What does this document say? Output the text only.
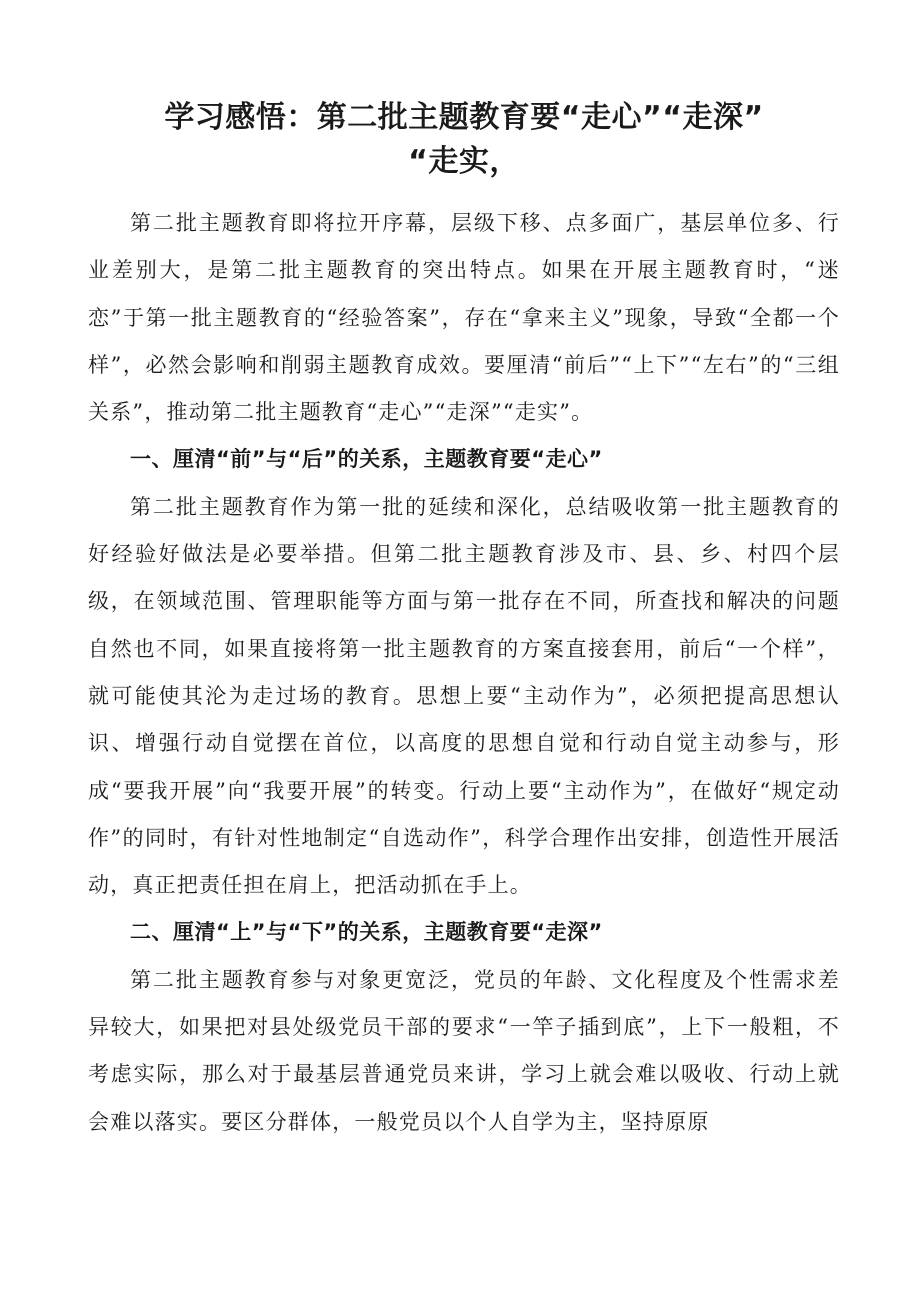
学习感悟：第二批主题教育要“走心”“走深”
“走实，

第二批主题教育即将拉开序幕，层级下移、点多面广，基层单位多、行业差别大，是第二批主题教育的突出特点。如果在开展主题教育时，“迷恋”于第一批主题教育的“经验答案”，存在“拿来主义”现象，导致“全都一个样”，必然会影响和削弱主题教育成效。要厘清“前后”“上下”“左右”的“三组关系”，推动第二批主题教育“走心”“走深”“走实”。

一、厘清“前”与“后”的关系，主题教育要“走心”

第二批主题教育作为第一批的延续和深化，总结吸收第一批主题教育的好经验好做法是必要举措。但第二批主题教育涉及市、县、乡、村四个层级，在领域范围、管理职能等方面与第一批存在不同，所查找和解决的问题自然也不同，如果直接将第一批主题教育的方案直接套用，前后“一个样”，就可能使其沦为走过场的教育。思想上要“主动作为”，必须把提高思想认识、增强行动自觉摆在首位，以高度的思想自觉和行动自觉主动参与，形成“要我开展”向“我要开展”的转变。行动上要“主动作为”，在做好“规定动作”的同时，有针对性地制定“自选动作”，科学合理作出安排，创造性开展活动，真正把责任担在肩上，把活动抓在手上。

二、厘清“上”与“下”的关系，主题教育要“走深”

第二批主题教育参与对象更宽泛，党员的年龄、文化程度及个性需求差异较大，如果把对县处级党员干部的要求“一竿子插到底”，上下一般粗，不考虑实际，那么对于最基层普通党员来讲，学习上就会难以吸收、行动上就会难以落实。要区分群体，一般党员以个人自学为主，坚持原原
